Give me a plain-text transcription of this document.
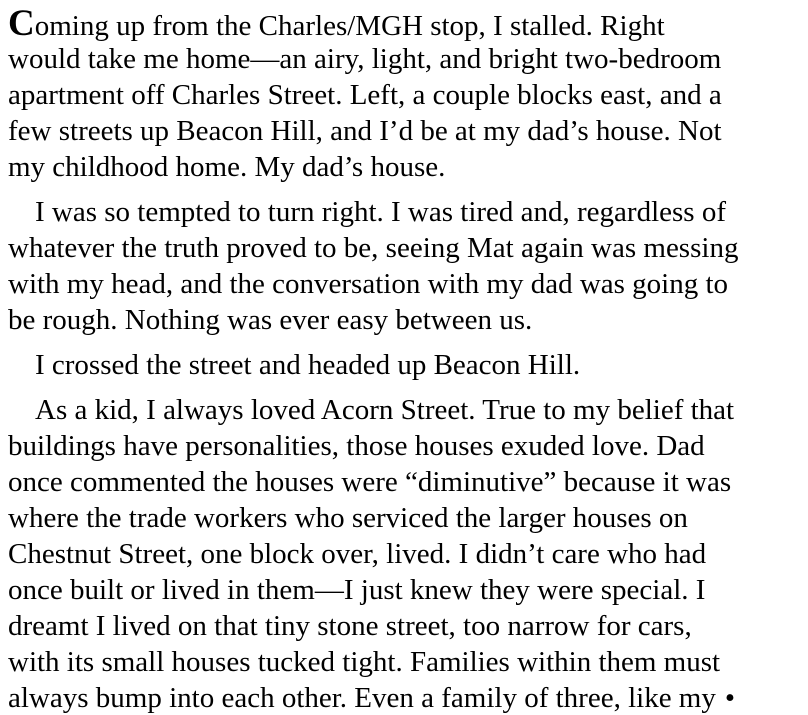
Coming up from the Charles/MGH stop, I stalled. Right
would take me home—an airy, light, and bright two-bedroom
apartment off Charles Street. Left, a couple blocks east, and a
few streets up Beacon Hill, and I’d be at my dad’s house. Not
my childhood home. My dad’s house.
I was so tempted to turn right. I was tired and, regardless of
whatever the truth proved to be, seeing Mat again was messing
with my head, and the conversation with my dad was going to
be rough. Nothing was ever easy between us.
I crossed the street and headed up Beacon Hill.
As a kid, I always loved Acorn Street. True to my belief that
buildings have personalities, those houses exuded love. Dad
once commented the houses were “diminutive” because it was
where the trade workers who serviced the larger houses on
Chestnut Street, one block over, lived. I didn’t care who had
once built or lived in them—I just knew they were special. I
dreamt I lived on that tiny stone street, too narrow for cars,
with its small houses tucked tight. Families within them must
always bump into each other. Even a family of three, like my •
